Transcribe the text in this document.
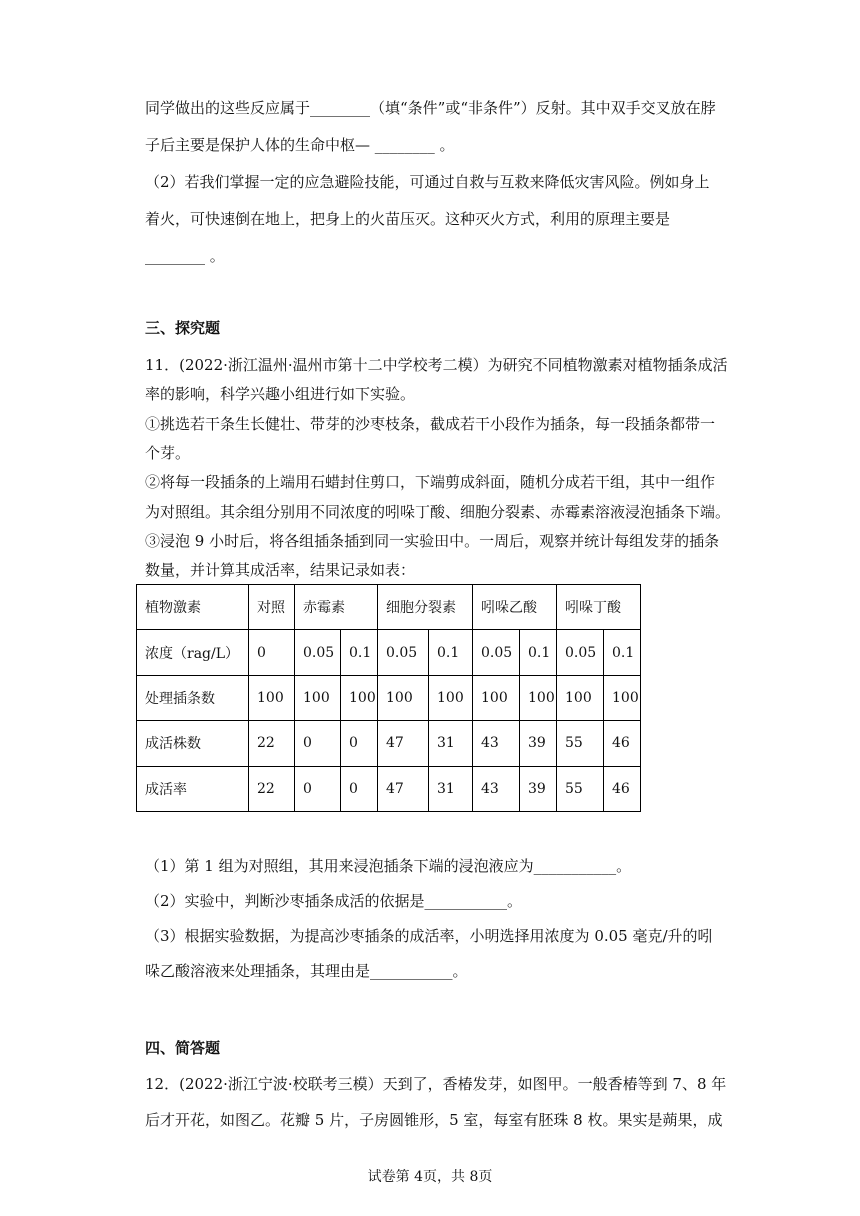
同学做出的这些反应属于________（填“条件”或“非条件”）反射。其中双手交叉放在脖
子后主要是保护人体的生命中枢— ________ 。
（2）若我们掌握一定的应急避险技能，可通过自救与互救来降低灾害风险。例如身上
着火，可快速倒在地上，把身上的火苗压灭。这种灭火方式，利用的原理主要是
________ 。
三、探究题
11．(2022·浙江温州·温州市第十二中学校考二模）为研究不同植物激素对植物插条成活
率的影响，科学兴趣小组进行如下实验。
①挑选若干条生长健壮、带芽的沙枣枝条，截成若干小段作为插条，每一段插条都带一
个芽。
②将每一段插条的上端用石蜡封住剪口，下端剪成斜面，随机分成若干组，其中一组作
为对照组。其余组分别用不同浓度的吲哚丁酸、细胞分裂素、赤霉素溶液浸泡插条下端。
植物激素	对照	赤霉素		细胞分裂素		吲哚乙酸		吲哚丁酸	
浓度（rag/L）	0	0.05	0.1	0.05	0.1	0.05	0.1	0.05	0.1
处理插条数	100	100	100	100	100	100	100	100	100
成活株数	22	0	0	47	31	43	39	55	46
成活率	22	0	0	47	31	43	39	55	46
（1）第 1 组为对照组，其用来浸泡插条下端的浸泡液应为___________。
（2）实验中，判断沙枣插条成活的依据是___________。
（3）根据实验数据，为提高沙枣插条的成活率，小明选择用浓度为 0.05 毫克/升的吲
哚乙酸溶液来处理插条，其理由是___________。
四、简答题
12．(2022·浙江宁波·校联考三模）天到了，香椿发芽，如图甲。一般香椿等到 7、8 年
后才开花，如图乙。花瓣 5 片，子房圆锥形，5 室，每室有胚珠 8 枚。果实是蒴果，成
试卷第 4页，共 8页
③浸泡 9 小时后，将各组插条插到同一实验田中。一周后，观察并统计每组发芽的插条
数量，并计算其成活率，结果记录如表：
